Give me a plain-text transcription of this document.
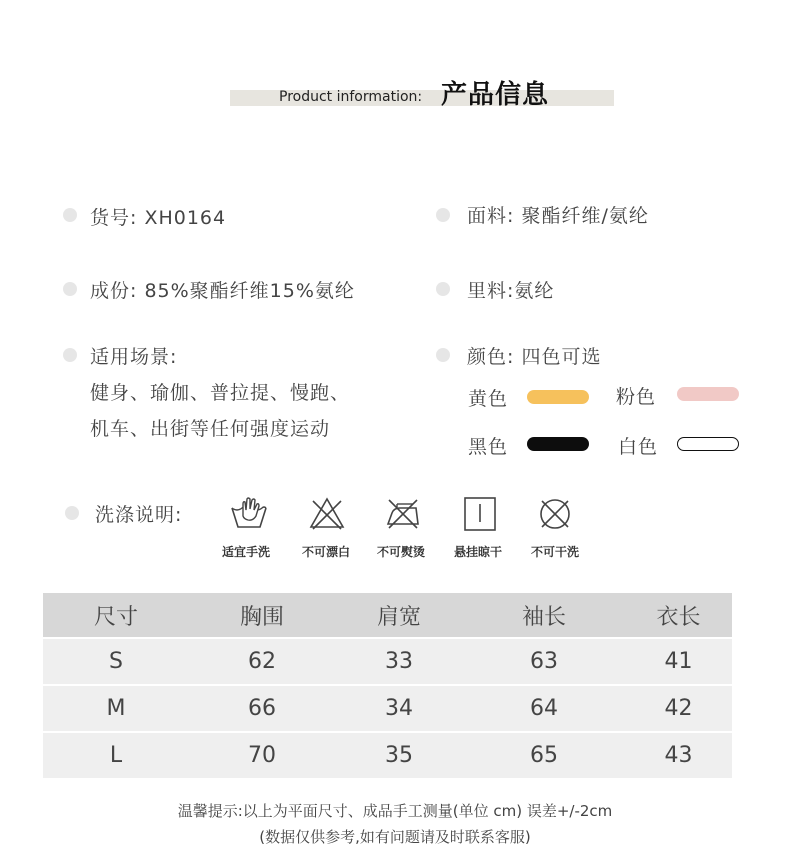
Product information: 产品信息
货号: XH0164	面料: 聚酯纤维/氨纶
成份: 85%聚酯纤维15%氨纶	里料:氨纶
适用场景:
健身、瑜伽、普拉提、慢跑、
机车、出街等任何强度运动
颜色: 四色可选
黄色	粉色
黑色	白色
洗涤说明:
适宜手洗	不可漂白 不可熨烫 悬挂晾干 不可干洗
尺寸	胸围	肩宽	袖长	衣长
S	62	33	63	41
M	66	34	64	42
L	70	35	65	43
温馨提示:以上为平面尺寸、成品手工测量(单位 cm) 误差+/-2cm
(数据仅供参考,如有问题请及时联系客服)
